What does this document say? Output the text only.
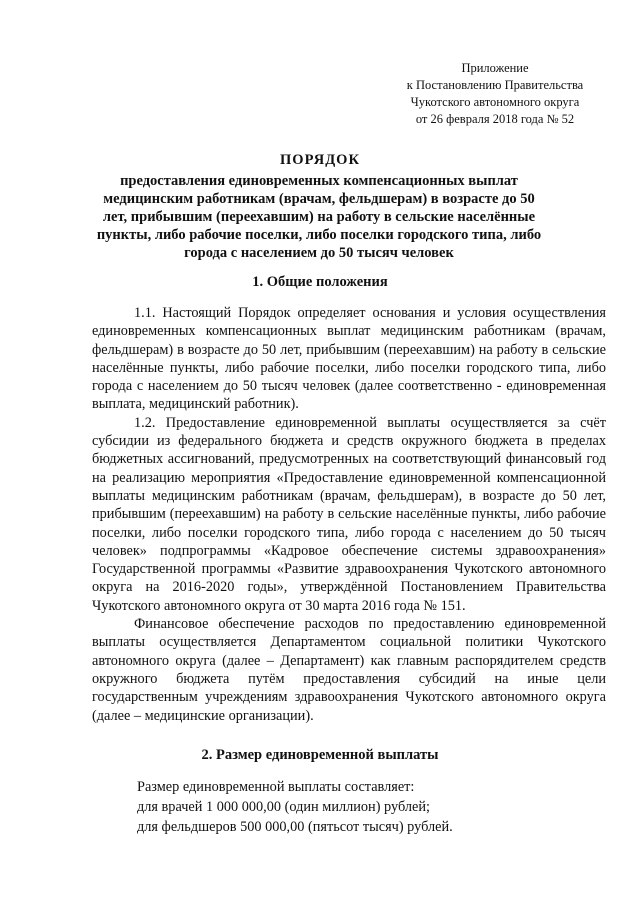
Приложение
к Постановлению Правительства
Чукотского автономного округа
от 26 февраля 2018 года № 52
ПОРЯДОК
предоставления единовременных компенсационных выплат медицинским работникам (врачам, фельдшерам) в возрасте до 50 лет, прибывшим (переехавшим) на работу в сельские населённые пункты, либо рабочие поселки, либо поселки городского типа, либо города с населением до 50 тысяч человек
1. Общие положения

1.1. Настоящий Порядок определяет основания и условия осуществления единовременных компенсационных выплат медицинским работникам (врачам, фельдшерам) в возрасте до 50 лет, прибывшим (переехавшим) на работу в сельские населённые пункты, либо рабочие поселки, либо поселки городского типа, либо города с населением до 50 тысяч человек (далее соответственно - единовременная выплата, медицинский работник).

1.2. Предоставление единовременной выплаты осуществляется за счёт субсидии из федерального бюджета и средств окружного бюджета в пределах бюджетных ассигнований, предусмотренных на соответствующий финансовый год на реализацию мероприятия «Предоставление единовременной компенсационной выплаты медицинским работникам (врачам, фельдшерам), в возрасте до 50 лет, прибывшим (переехавшим) на работу в сельские населённые пункты, либо рабочие поселки, либо поселки городского типа, либо города с населением до 50 тысяч человек» подпрограммы «Кадровое обеспечение системы здравоохранения» Государственной программы «Развитие здравоохранения Чукотского автономного округа на 2016-2020 годы», утверждённой Постановлением Правительства Чукотского автономного округа от 30 марта 2016 года № 151.

Финансовое обеспечение расходов по предоставлению единовременной выплаты осуществляется Департаментом социальной политики Чукотского автономного округа (далее – Департамент) как главным распорядителем средств окружного бюджета путём предоставления субсидий на иные цели государственным учреждениям здравоохранения Чукотского автономного округа (далее – медицинские организации).

2. Размер единовременной выплаты
Размер единовременной выплаты составляет:
для врачей 1 000 000,00 (один миллион) рублей;
для фельдшеров 500 000,00 (пятьсот тысяч) рублей.
